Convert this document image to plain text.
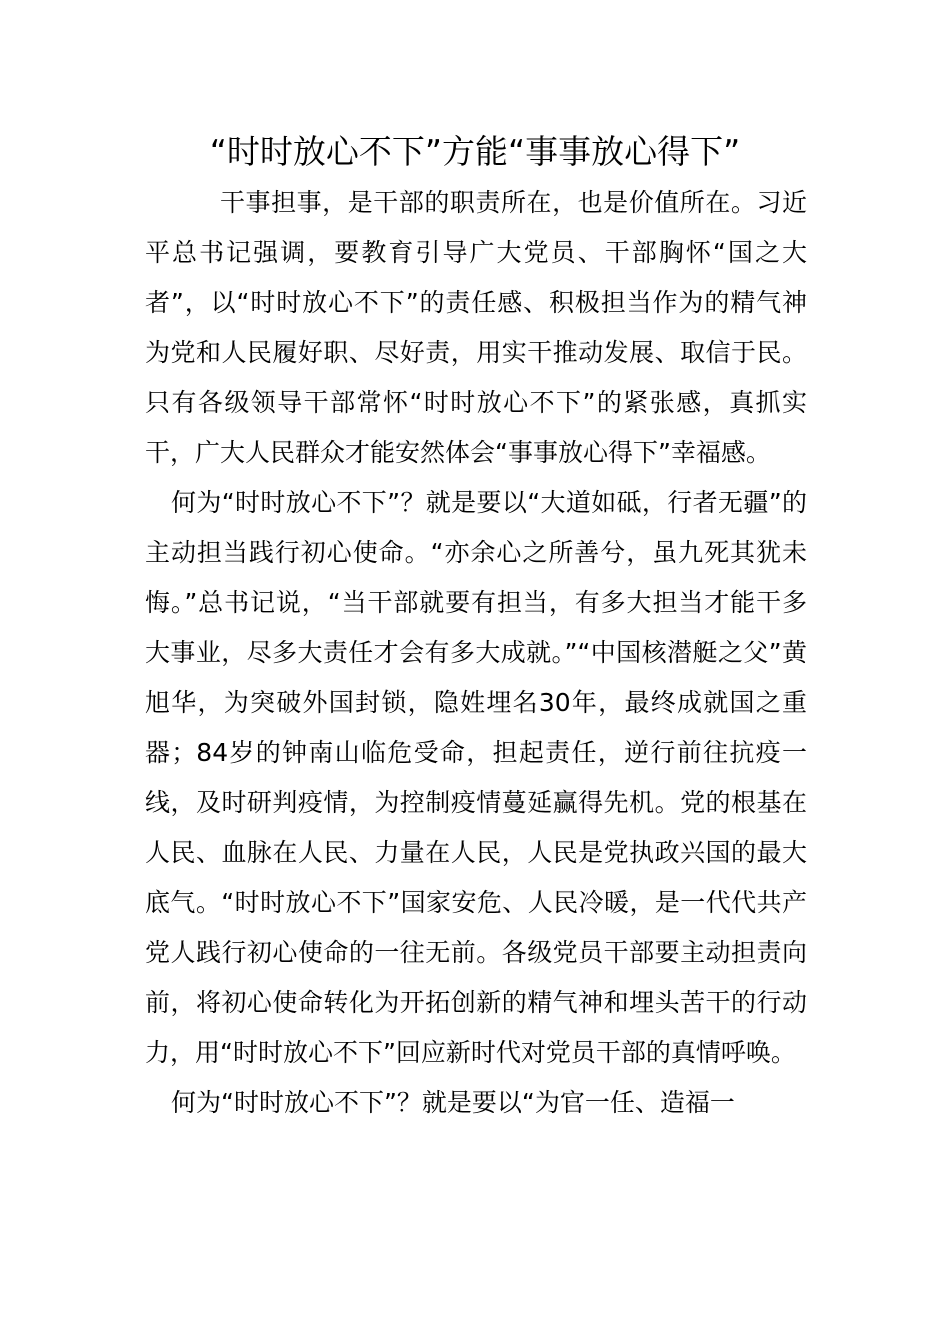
“时时放心不下”方能“事事放心得下”

干事担事，是干部的职责所在，也是价值所在。习近平总书记强调，要教育引导广大党员、干部胸怀“国之大者”，以“时时放心不下”的责任感、积极担当作为的精气神为党和人民履好职、尽好责，用实干推动发展、取信于民。只有各级领导干部常怀“时时放心不下”的紧张感，真抓实干，广大人民群众才能安然体会“事事放心得下”幸福感。

何为“时时放心不下”？就是要以“大道如砥，行者无疆”的主动担当践行初心使命。“亦余心之所善兮，虽九死其犹未悔。”总书记说，“当干部就要有担当，有多大担当才能干多大事业，尽多大责任才会有多大成就。”“中国核潜艇之父”黄旭华，为突破外国封锁，隐姓埋名30年，最终成就国之重器；84岁的钟南山临危受命，担起责任，逆行前往抗疫一线，及时研判疫情，为控制疫情蔓延赢得先机。党的根基在人民、血脉在人民、力量在人民，人民是党执政兴国的最大底气。“时时放心不下”国家安危、人民冷暖，是一代代共产党人践行初心使命的一往无前。各级党员干部要主动担责向前，将初心使命转化为开拓创新的精气神和埋头苦干的行动力，用“时时放心不下”回应新时代对党员干部的真情呼唤。

何为“时时放心不下”？就是要以“为官一任、造福一
